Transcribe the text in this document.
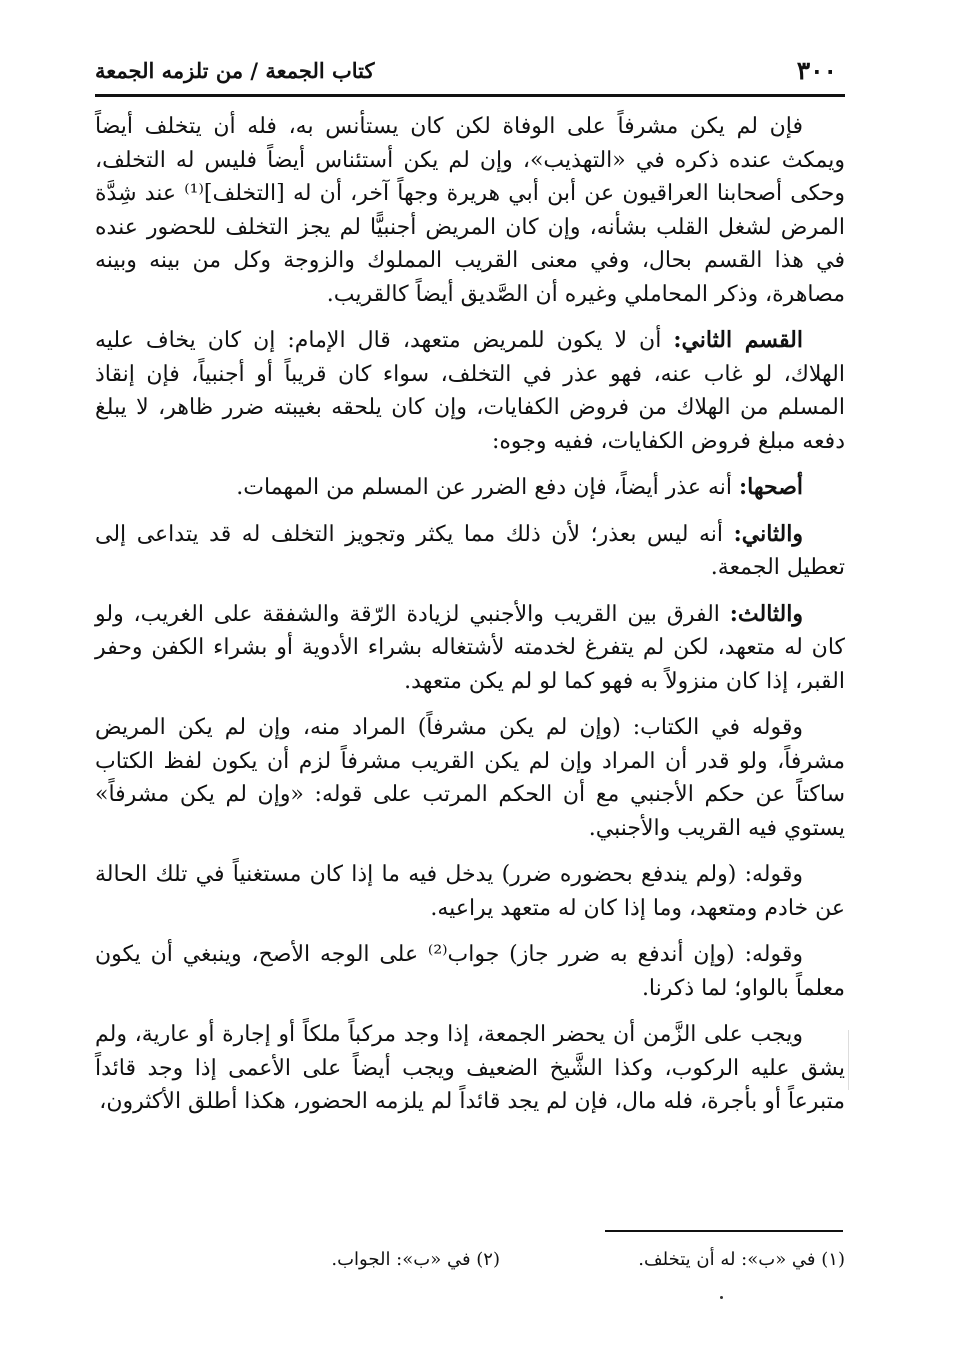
٣٠٠
كتاب الجمعة / من تلزمه الجمعة

فإن لم يكن مشرفاً على الوفاة لكن كان يستأنس به، فله أن يتخلف أيضاً ويمكث عنده ذكره في «التهذيب»، وإن لم يكن أستئناس أيضاً فليس له التخلف، وحكى أصحابنا العراقيون عن أبن أبي هريرة وجهاً آخر، أن له [التخلف]⁽¹⁾ عند شِدَّة المرض لشغل القلب بشأنه، وإن كان المريض أجنبيًّا لم يجز التخلف للحضور عنده في هذا القسم بحال، وفي معنى القريب المملوك والزوجة وكل من بينه وبينه مصاهرة، وذكر المحاملي وغيره أن الصَّديق أيضاً كالقريب.

القسم الثاني: أن لا يكون للمريض متعهد، قال الإمام: إن كان يخاف عليه الهلاك، لو غاب عنه، فهو عذر في التخلف، سواء كان قريباً أو أجنبياً، فإن إنقاذ المسلم من الهلاك من فروض الكفايات، وإن كان يلحقه بغيبته ضرر ظاهر، لا يبلغ دفعه مبلغ فروض الكفايات، ففيه وجوه:

أصحها: أنه عذر أيضاً، فإن دفع الضرر عن المسلم من المهمات.

والثاني: أنه ليس بعذر؛ لأن ذلك مما يكثر وتجويز التخلف له قد يتداعى إلى تعطيل الجمعة.

والثالث: الفرق بين القريب والأجنبي لزيادة الرّقة والشفقة على الغريب، ولو كان له متعهد، لكن لم يتفرغ لخدمته لأشتغاله بشراء الأدوية أو بشراء الكفن وحفر القبر، إذا كان منزولاً به فهو كما لو لم يكن متعهد.

وقوله في الكتاب: (وإن لم يكن مشرفاً) المراد منه، وإن لم يكن المريض مشرفاً، ولو قدر أن المراد وإن لم يكن القريب مشرفاً لزم أن يكون لفظ الكتاب ساكتاً عن حكم الأجنبي مع أن الحكم المرتب على قوله: «وإن لم يكن مشرفاً» يستوي فيه القريب والأجنبي.

وقوله: (ولم يندفع بحضوره ضرر) يدخل فيه ما إذا كان مستغنياً في تلك الحالة عن خادم ومتعهد، وما إذا كان له متعهد يراعيه.

وقوله: (وإن أندفع به ضرر جاز) جواب⁽²⁾ على الوجه الأصح، وينبغي أن يكون معلماً بالواو؛ لما ذكرنا.

ويجب على الزَّمن أن يحضر الجمعة، إذا وجد مركباً ملكاً أو إجارة أو عارية، ولم يشق عليه الركوب، وكذا الشَّيخ الضعيف ويجب أيضاً على الأعمى إذا وجد قائداً متبرعاً أو بأجرة، فله مال، فإن لم يجد قائداً لم يلزمه الحضور، هكذا أطلق الأكثرون،

(١) في «ب»: له أن يتخلف.
(٢) في «ب»: الجواب.
